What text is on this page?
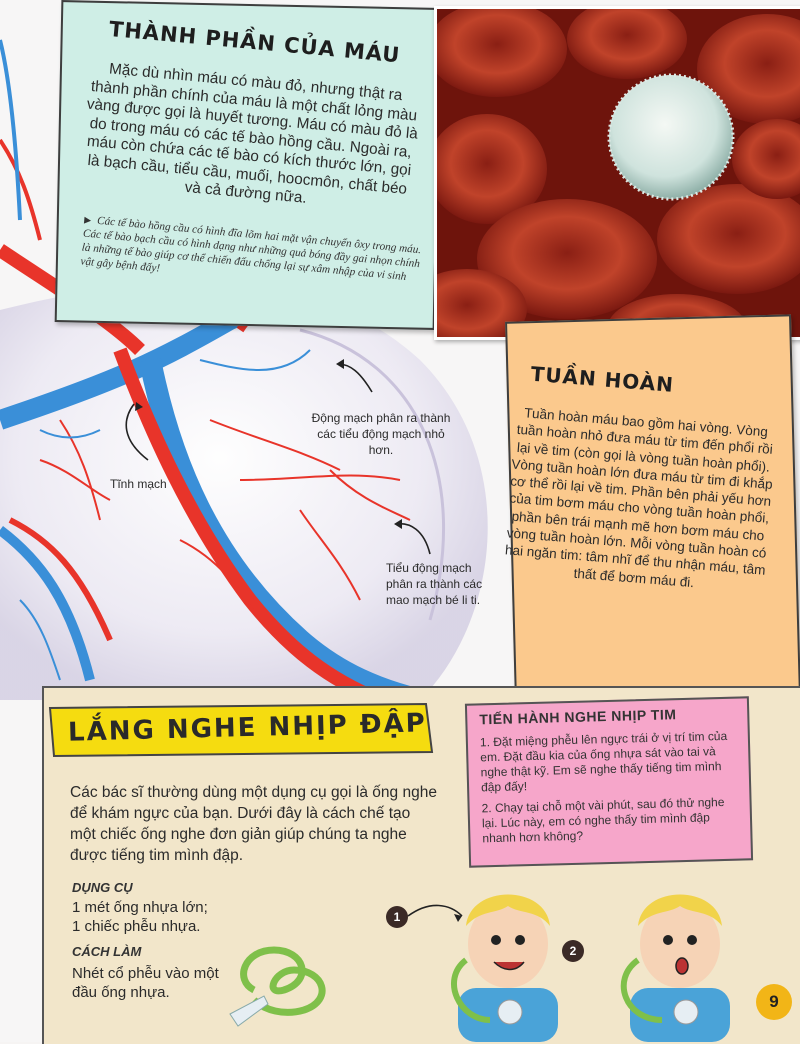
THÀNH PHẦN CỦA MÁU
Mặc dù nhìn máu có màu đỏ, nhưng thật ra thành phần chính của máu là một chất lỏng màu vàng được gọi là huyết tương. Máu có màu đỏ là do trong máu có các tế bào hồng cầu. Ngoài ra, máu còn chứa các tế bào có kích thước lớn, gọi là bạch cầu, tiểu cầu, muối, hoocmôn, chất béo và cả đường nữa.
▶ Các tế bào hồng cầu có hình đĩa lõm hai mặt vận chuyển ôxy trong máu. Các tế bào bạch cầu có hình dạng như những quả bóng đầy gai nhọn chính là những tế bào giúp cơ thể chiến đấu chống lại sự xâm nhập của vi sinh vật gây bệnh đấy!
Động mạch phân ra thành các tiểu động mạch nhỏ hơn.
Tĩnh mạch
Tiểu động mạch phân ra thành các mao mạch bé li ti.
TUẦN HOÀN
Tuần hoàn máu bao gồm hai vòng. Vòng tuần hoàn nhỏ đưa máu từ tim đến phổi rồi lại về tim (còn gọi là vòng tuần hoàn phổi). Vòng tuần hoàn lớn đưa máu từ tim đi khắp cơ thể rồi lại về tim. Phần bên phải yếu hơn của tim bơm máu cho vòng tuần hoàn phổi, phần bên trái mạnh mẽ hơn bơm máu cho vòng tuần hoàn lớn. Mỗi vòng tuần hoàn có hai ngăn tim: tâm nhĩ để thu nhận máu, tâm thất để bơm máu đi.
LẮNG NGHE NHỊP ĐẬP
Các bác sĩ thường dùng một dụng cụ gọi là ống nghe để khám ngực của bạn. Dưới đây là cách chế tạo một chiếc ống nghe đơn giản giúp chúng ta nghe được tiếng tim mình đập.
DỤNG CỤ
1 mét ống nhựa lớn;
1 chiếc phễu nhựa.
CÁCH LÀM
Nhét cổ phễu vào một đầu ống nhựa.
TIẾN HÀNH NGHE NHỊP TIM
1. Đặt miệng phễu lên ngực trái ở vị trí tim của em. Đặt đầu kia của ống nhựa sát vào tai và nghe thật kỹ. Em sẽ nghe thấy tiếng tim mình đập đấy!
2. Chạy tại chỗ một vài phút, sau đó thử nghe lại. Lúc này, em có nghe thấy tim mình đập nhanh hơn không?
1
2
9
